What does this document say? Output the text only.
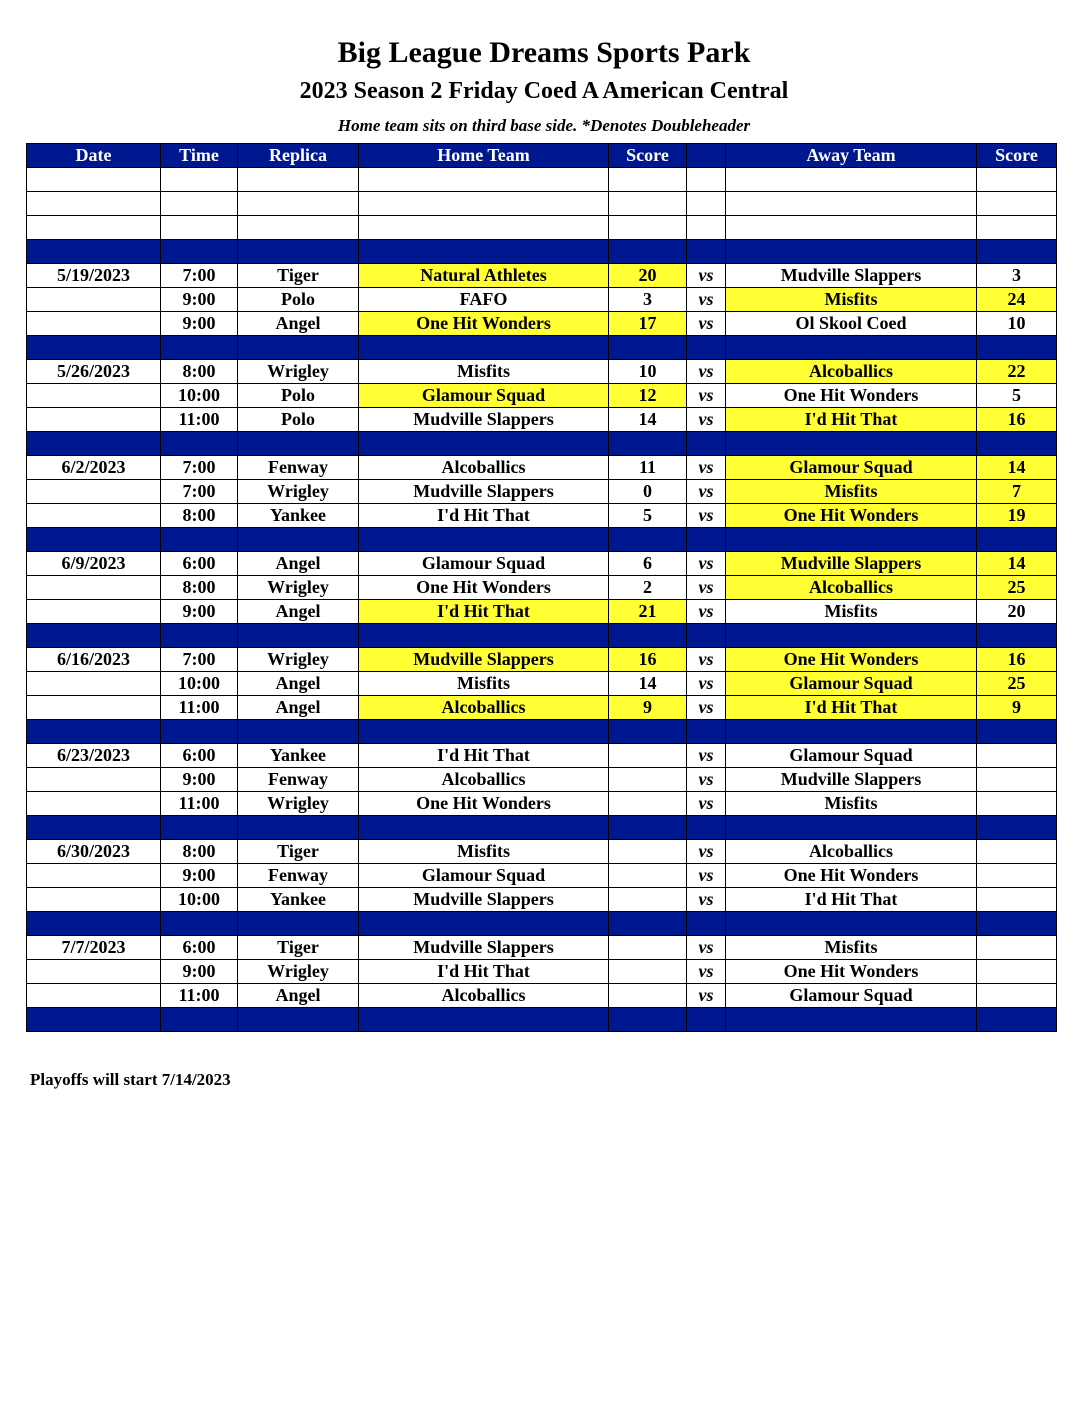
Big League Dreams Sports Park
2023 Season 2 Friday Coed A American Central
Home team sits on third base side. *Denotes Doubleheader
Date	Time	Replica	Home Team	Score		Away Team	Score

5/19/2023	7:00	Tiger	Natural Athletes	20	vs	Mudville Slappers	3
	9:00	Polo	FAFO	3	vs	Misfits	24
	9:00	Angel	One Hit Wonders	17	vs	Ol Skool Coed	10

5/26/2023	8:00	Wrigley	Misfits	10	vs	Alcoballics	22
	10:00	Polo	Glamour Squad	12	vs	One Hit Wonders	5
	11:00	Polo	Mudville Slappers	14	vs	I'd Hit That	16

6/2/2023	7:00	Fenway	Alcoballics	11	vs	Glamour Squad	14
	7:00	Wrigley	Mudville Slappers	0	vs	Misfits	7
	8:00	Yankee	I'd Hit That	5	vs	One Hit Wonders	19

6/9/2023	6:00	Angel	Glamour Squad	6	vs	Mudville Slappers	14
	8:00	Wrigley	One Hit Wonders	2	vs	Alcoballics	25
	9:00	Angel	I'd Hit That	21	vs	Misfits	20

6/16/2023	7:00	Wrigley	Mudville Slappers	16	vs	One Hit Wonders	16
	10:00	Angel	Misfits	14	vs	Glamour Squad	25
	11:00	Angel	Alcoballics	9	vs	I'd Hit That	9

6/23/2023	6:00	Yankee	I'd Hit That		vs	Glamour Squad	
	9:00	Fenway	Alcoballics		vs	Mudville Slappers	
	11:00	Wrigley	One Hit Wonders		vs	Misfits	

6/30/2023	8:00	Tiger	Misfits		vs	Alcoballics	
	9:00	Fenway	Glamour Squad		vs	One Hit Wonders	
	10:00	Yankee	Mudville Slappers		vs	I'd Hit That	

7/7/2023	6:00	Tiger	Mudville Slappers		vs	Misfits	
	9:00	Wrigley	I'd Hit That		vs	One Hit Wonders	
	11:00	Angel	Alcoballics		vs	Glamour Squad	

Playoffs will start 7/14/2023
